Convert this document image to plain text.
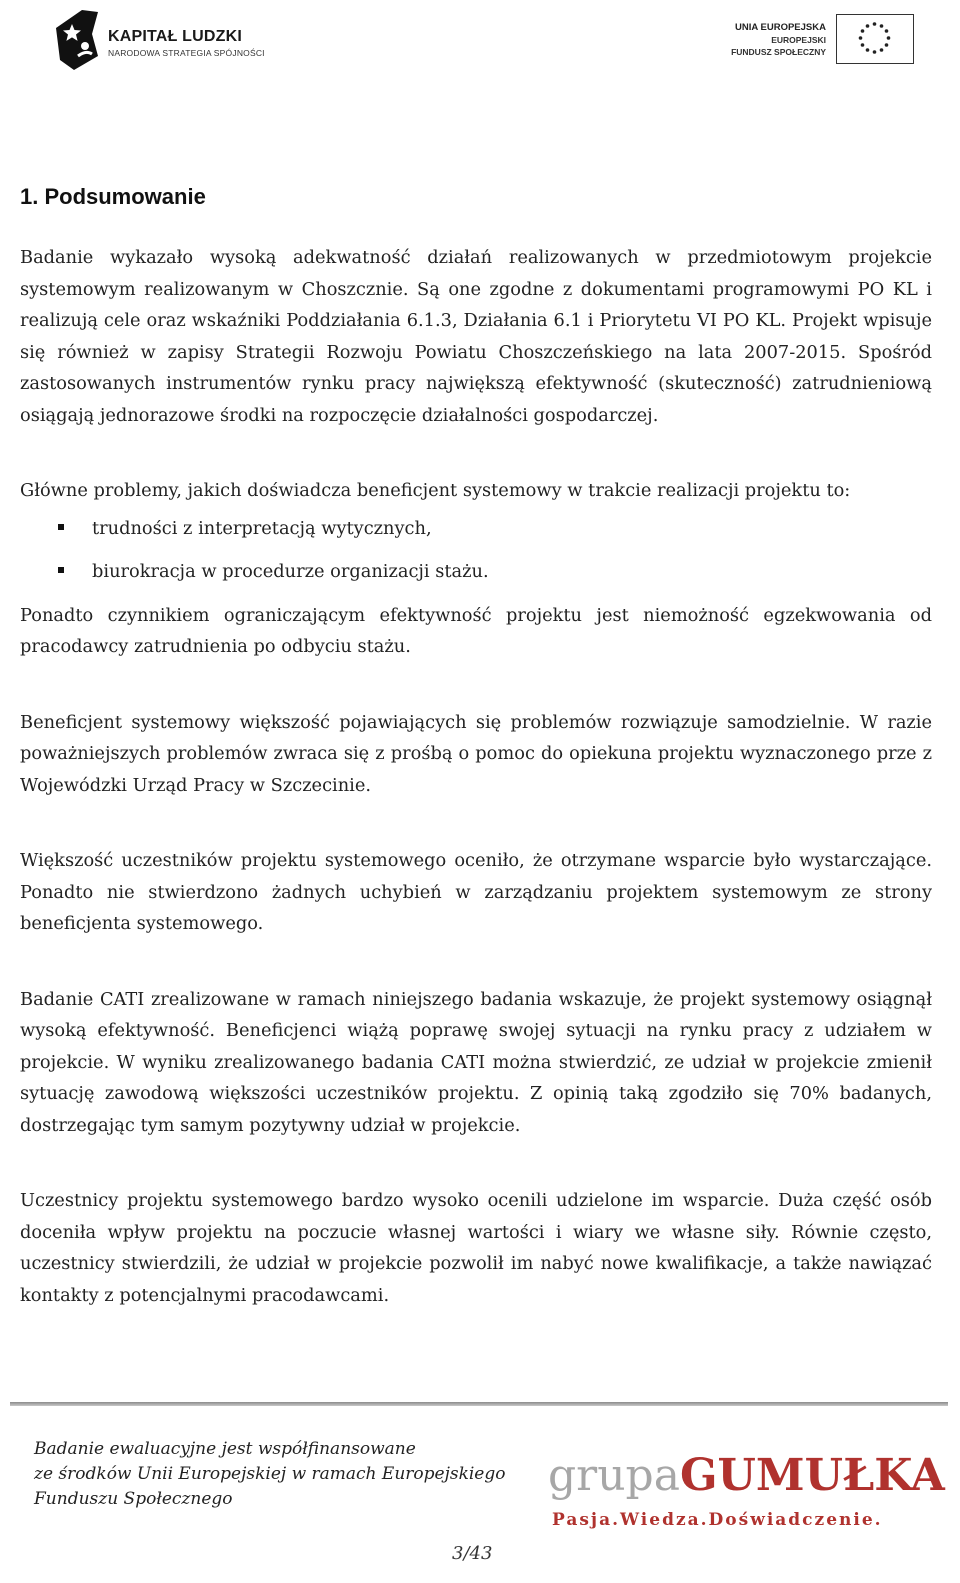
KAPITAŁ LUDZKI
NARODOWA STRATEGIA SPÓJNOŚCI
UNIA EUROPEJSKA
EUROPEJSKI
FUNDUSZ SPOŁECZNY
1. Podsumowanie

Badanie wykazało wysoką adekwatność działań realizowanych w przedmiotowym projekcie systemowym realizowanym w Choszcznie. Są one zgodne z dokumentami programowymi PO KL i realizują cele oraz wskaźniki Poddziałania 6.1.3, Działania 6.1 i Priorytetu VI PO KL. Projekt wpisuje się również w zapisy Strategii Rozwoju Powiatu Choszczeńskiego na lata 2007-2015. Spośród zastosowanych instrumentów rynku pracy największą efektywność (skuteczność) zatrudnieniową osiągają jednorazowe środki na rozpoczęcie działalności gospodarczej.

Główne problemy, jakich doświadcza beneficjent systemowy w trakcie realizacji projektu to:

trudności z interpretacją wytycznych,
biurokracja w procedurze organizacji stażu.

Ponadto czynnikiem ograniczającym efektywność projektu jest niemożność egzekwowania od pracodawcy zatrudnienia po odbyciu stażu.

Beneficjent systemowy większość pojawiających się problemów rozwiązuje samodzielnie. W razie poważniejszych problemów zwraca się z prośbą o pomoc do opiekuna projektu wyznaczonego prze z Wojewódzki Urząd Pracy w Szczecinie.

Większość uczestników projektu systemowego oceniło, że otrzymane wsparcie było wystarczające. Ponadto nie stwierdzono żadnych uchybień w zarządzaniu projektem systemowym ze strony beneficjenta systemowego.

Badanie CATI zrealizowane w ramach niniejszego badania wskazuje, że projekt systemowy osiągnął wysoką efektywność. Beneficjenci wiążą poprawę swojej sytuacji na rynku pracy z udziałem w projekcie. W wyniku zrealizowanego badania CATI można stwierdzić, ze udział w projekcie zmienił sytuację zawodową większości uczestników projektu. Z opinią taką zgodziło się 70% badanych, dostrzegając tym samym pozytywny udział w projekcie.

Uczestnicy projektu systemowego bardzo wysoko ocenili udzielone im wsparcie. Duża część osób doceniła wpływ projektu na poczucie własnej wartości i wiary we własne siły. Równie często, uczestnicy stwierdzili, że udział w projekcie pozwolił im nabyć nowe kwalifikacje, a także nawiązać kontakty z potencjalnymi pracodawcami.

Badanie ewaluacyjne jest współfinansowane
ze środków Unii Europejskiej w ramach Europejskiego
Funduszu Społecznego	grupaGUMUŁKA
Pasja.Wiedza.Doświadczenie.
3/43
